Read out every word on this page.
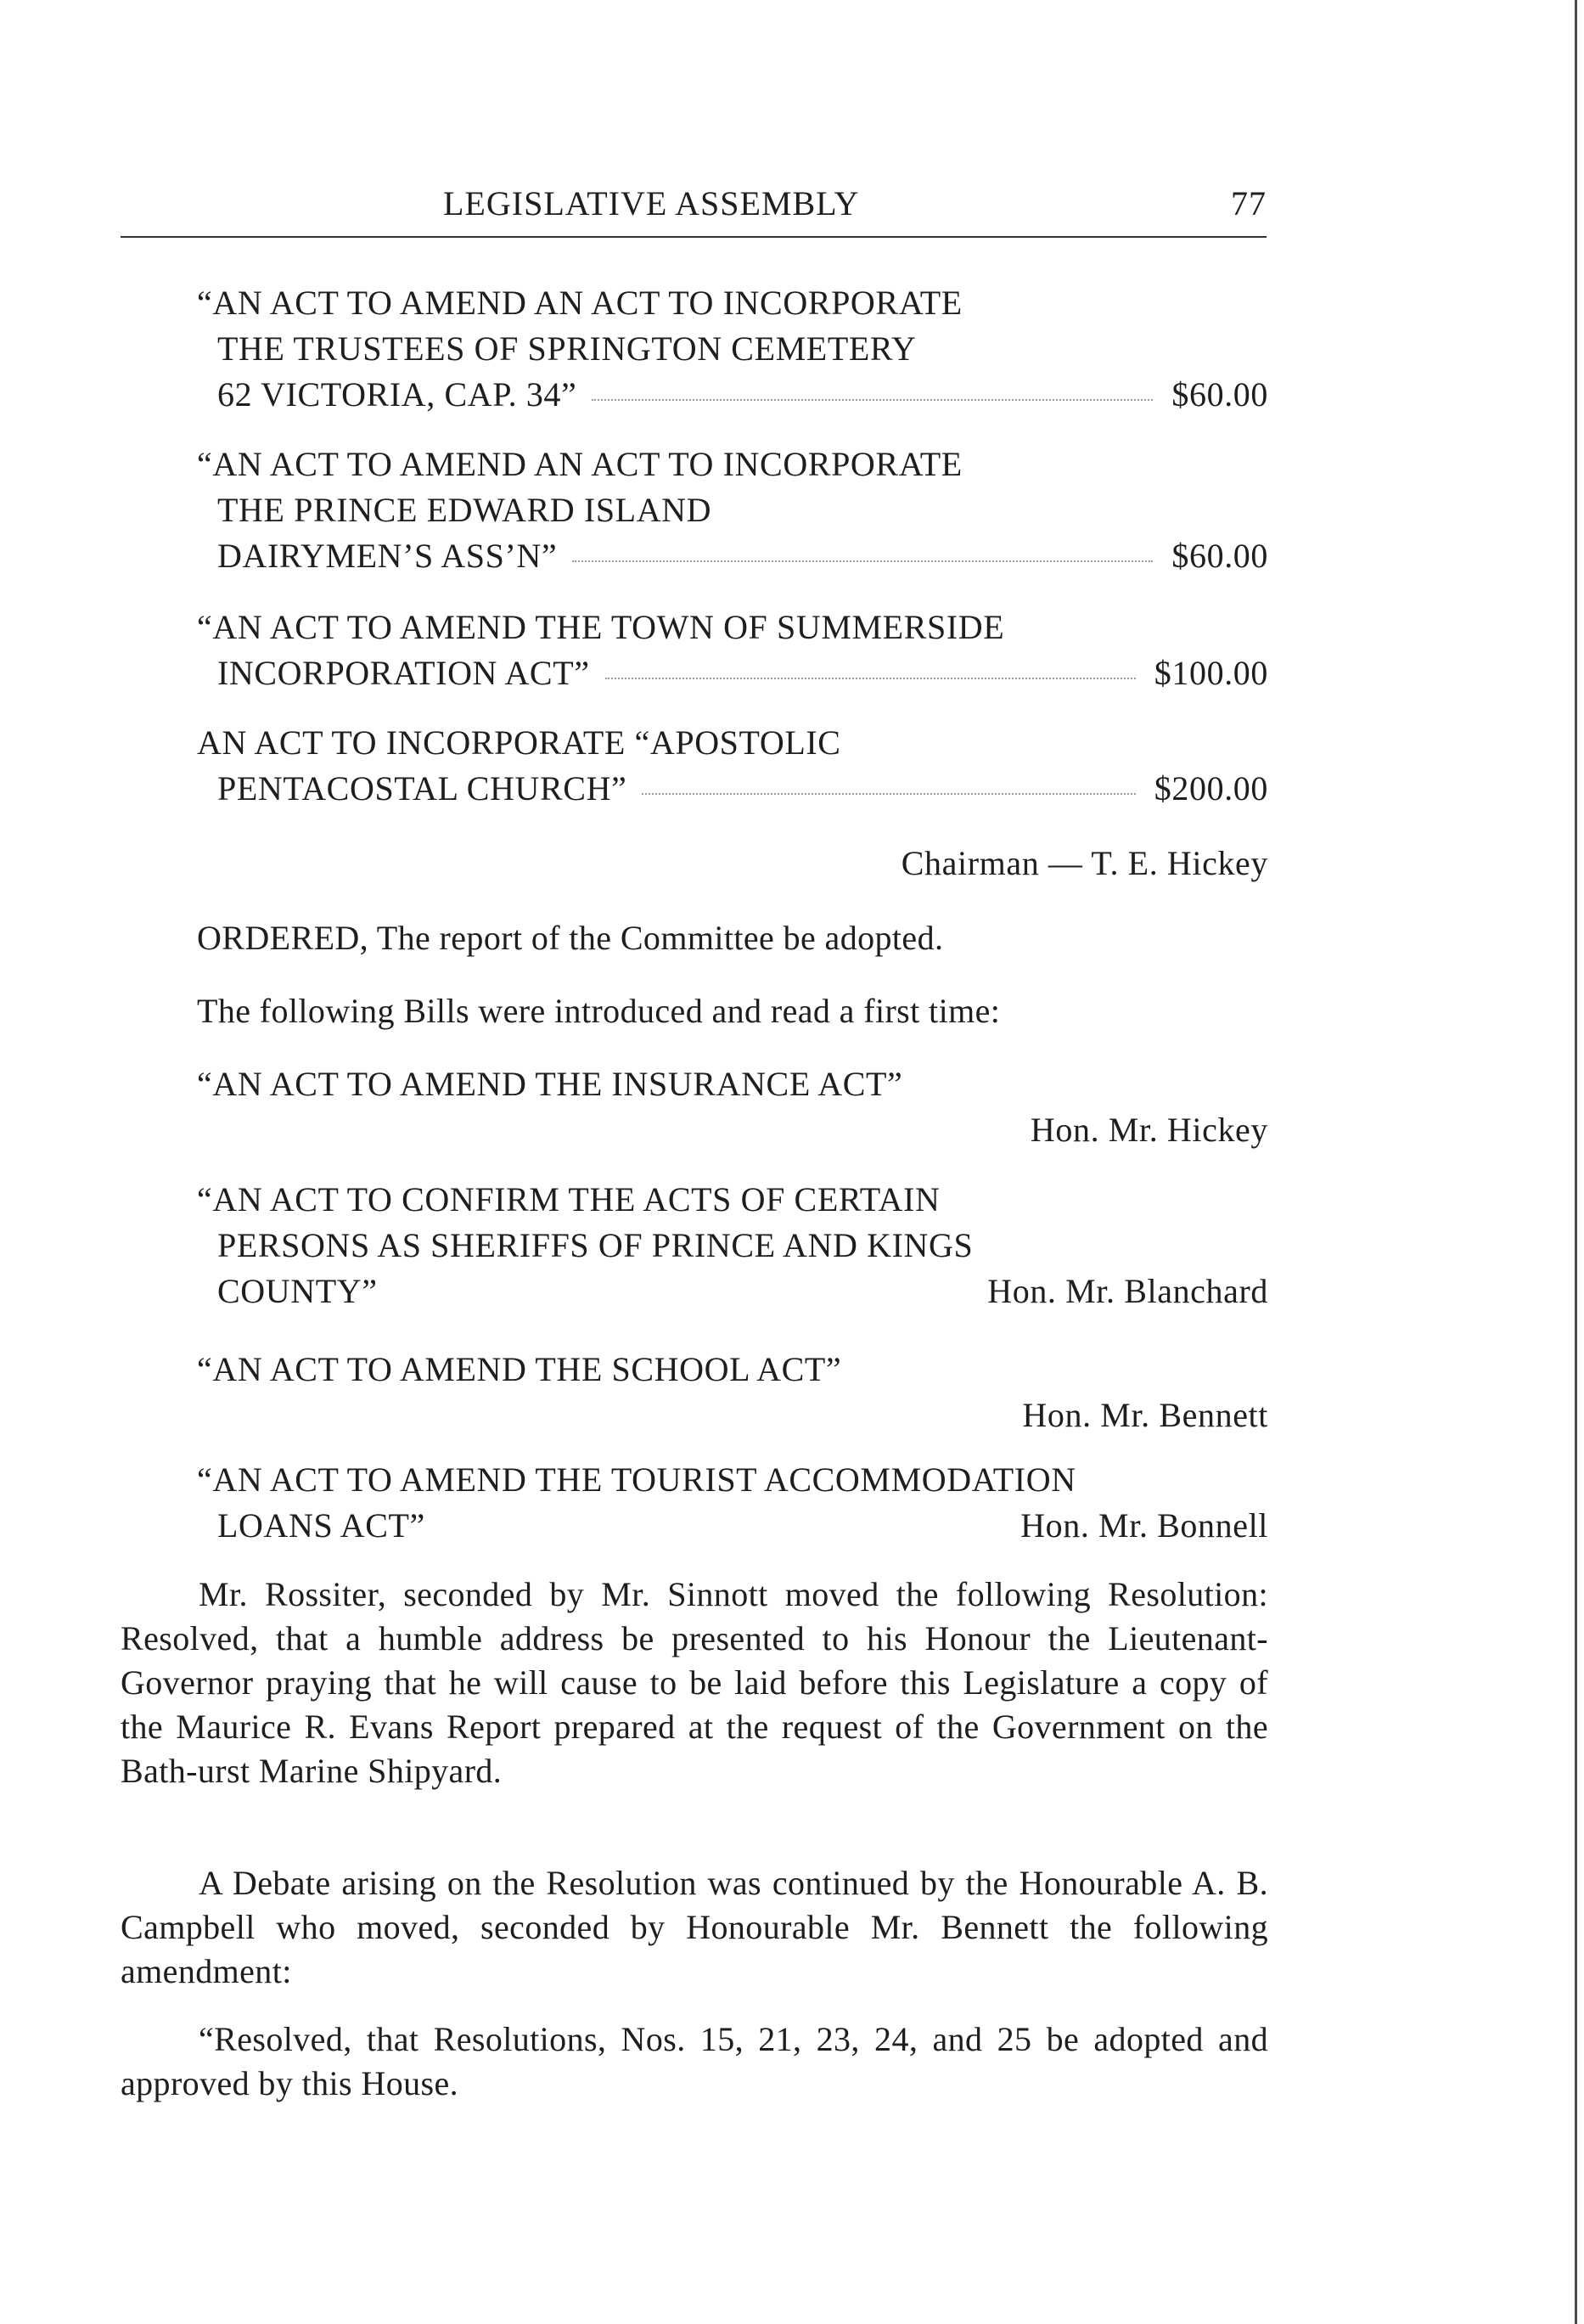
LEGISLATIVE ASSEMBLY	77
“AN ACT TO AMEND AN ACT TO INCORPORATE
THE TRUSTEES OF SPRINGTON CEMETERY
62 VICTORIA, CAP. 34”	$60.00
“AN ACT TO AMEND AN ACT TO INCORPORATE
THE PRINCE EDWARD ISLAND
DAIRYMEN’S ASS’N”	$60.00
“AN ACT TO AMEND THE TOWN OF SUMMERSIDE
INCORPORATION ACT”	$100.00
AN ACT TO INCORPORATE “APOSTOLIC
PENTACOSTAL CHURCH”	$200.00
Chairman — T. E. Hickey
ORDERED, The report of the Committee be adopted.
The following Bills were introduced and read a first time:
“AN ACT TO AMEND THE INSURANCE ACT”
Hon. Mr. Hickey
“AN ACT TO CONFIRM THE ACTS OF CERTAIN
PERSONS AS SHERIFFS OF PRINCE AND KINGS
COUNTY”	Hon. Mr. Blanchard
“AN ACT TO AMEND THE SCHOOL ACT”
Hon. Mr. Bennett
“AN ACT TO AMEND THE TOURIST ACCOMMODATION
LOANS ACT”	Hon. Mr. Bonnell

Mr. Rossiter, seconded by Mr. Sinnott moved the following Resolution: Resolved, that a humble address be presented to his Honour the Lieutenant-Governor praying that he will cause to be laid before this Legislature a copy of the Maurice R. Evans Report prepared at the request of the Government on the Bath-urst Marine Shipyard.

A Debate arising on the Resolution was continued by the Honourable A. B. Campbell who moved, seconded by Honourable Mr. Bennett the following amendment:

“Resolved, that Resolutions, Nos. 15, 21, 23, 24, and 25 be adopted and approved by this House.
